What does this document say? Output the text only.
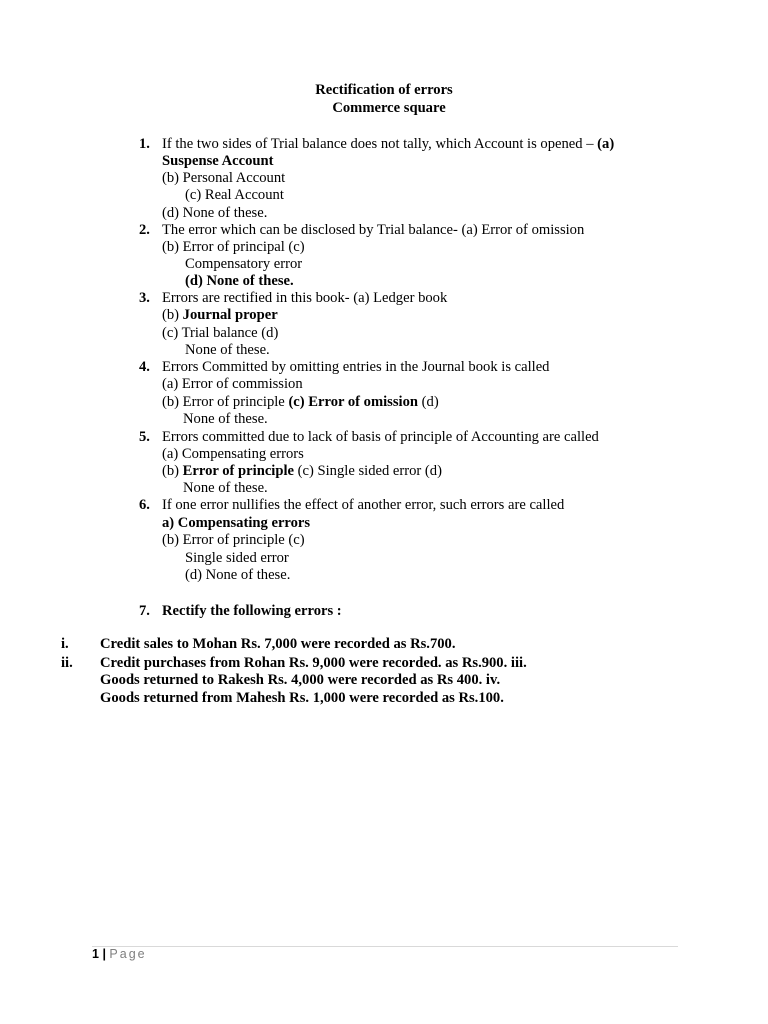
Rectification of errors
Commerce square
1. If the two sides of Trial balance does not tally, which Account is opened – (a)
Suspense Account
(b) Personal Account
(c) Real Account
(d) None of these.
2. The error which can be disclosed by Trial balance- (a) Error of omission
(b) Error of principal (c)
Compensatory error
(d) None of these.
3. Errors are rectified in this book- (a) Ledger book
(b) Journal proper
(c) Trial balance (d)
None of these.
4. Errors Committed by omitting entries in the Journal book is called
(a) Error of commission
(b) Error of principle (c) Error of omission (d)
None of these.
5. Errors committed due to lack of basis of principle of Accounting are called
(a) Compensating errors
(b) Error of principle (c) Single sided error (d)
None of these.
6. If one error nullifies the effect of another error, such errors are called
a) Compensating errors
(b) Error of principle (c)
Single sided error
(d) None of these.
7. Rectify the following errors :
i. Credit sales to Mohan Rs. 7,000 were recorded as Rs.700.
ii. Credit purchases from Rohan Rs. 9,000 were recorded. as Rs.900. iii.
Goods returned to Rakesh Rs. 4,000 were recorded as Rs 400. iv.
Goods returned from Mahesh Rs. 1,000 were recorded as Rs.100.
1 | Page
